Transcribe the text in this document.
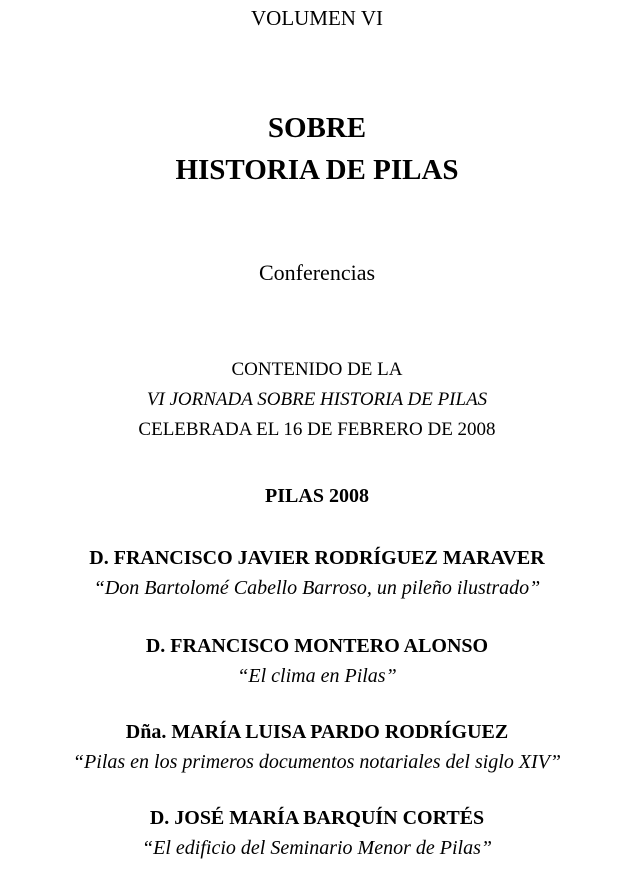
VOLUMEN VI
SOBRE
HISTORIA DE PILAS
Conferencias
CONTENIDO DE LA
VI JORNADA SOBRE HISTORIA DE PILAS
CELEBRADA EL 16 DE FEBRERO DE 2008
PILAS 2008
D. FRANCISCO JAVIER RODRÍGUEZ MARAVER
“Don Bartolomé Cabello Barroso, un pileño ilustrado”
D. FRANCISCO MONTERO ALONSO
“El clima en Pilas”
Dña. MARÍA LUISA PARDO RODRÍGUEZ
“Pilas en los primeros documentos notariales del siglo XIV”
D. JOSÉ MARÍA BARQUÍN CORTÉS
“El edificio del Seminario Menor de Pilas”
